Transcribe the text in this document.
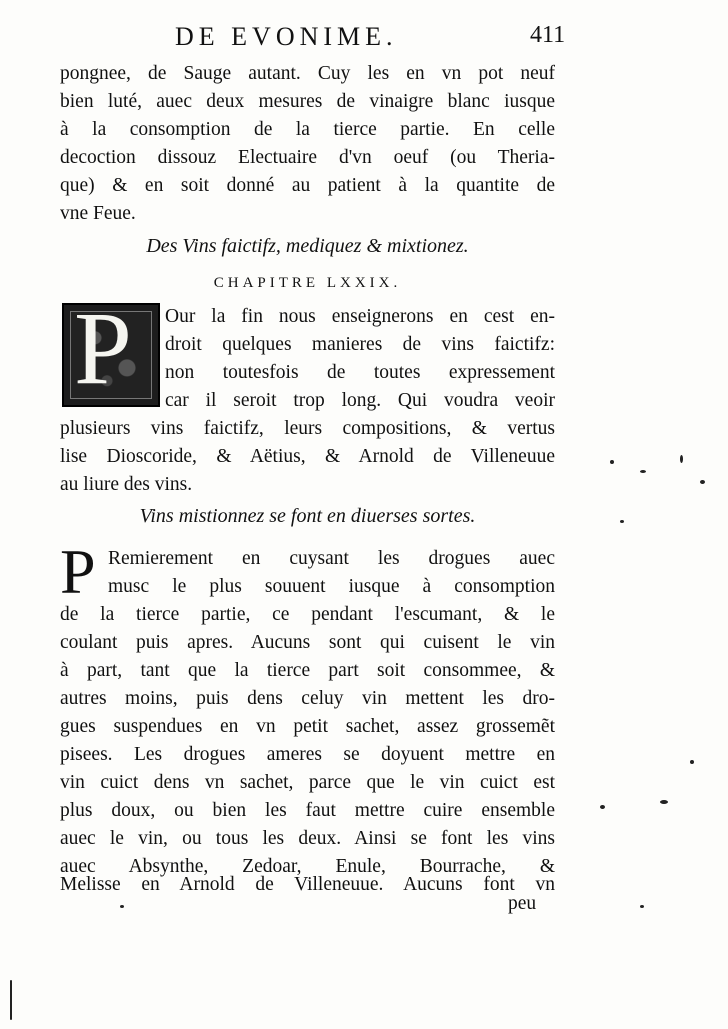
DE EVONIME.	411
pongnee, de Sauge autant. Cuy les en vn pot neuf
bien luté, auec deux mesures de vinaigre blanc iusque
à la consomption de la tierce partie. En celle
decoction dissouz Electuaire d'vn oeuf (ou Theria-
que) & en soit donné au patient à la quantite de
vne Feue.
Des Vins faictifz, mediquez & mixtionez.
CHAPITRE LXXIX.
P Our la fin nous enseignerons en cest en-
droit quelques manieres de vins faictifz:
non toutesfois de toutes expressement
car il seroit trop long. Qui voudra veoir
plusieurs vins faictifz, leurs compositions, & vertus
lise Dioscoride, & Aëtius, & Arnold de Villeneuue
au liure des vins.
Vins mistionnez se font en diuerses sortes.
P Remierement en cuysant les drogues auec
musc le plus souuent iusque à consomption
de la tierce partie, ce pendant l'escumant, & le
coulant puis apres. Aucuns sont qui cuisent le vin
à part, tant que la tierce part soit consommee, &
autres moins, puis dens celuy vin mettent les dro-
gues suspendues en vn petit sachet, assez grossemẽt
pisees. Les drogues ameres se doyuent mettre en
vin cuict dens vn sachet, parce que le vin cuict est
plus doux, ou bien les faut mettre cuire ensemble
auec le vin, ou tous les deux. Ainsi se font les vins
auec Absynthe, Zedoar, Enule, Bourrache, &
Melisse en Arnold de Villeneuue. Aucuns font vn
peu
